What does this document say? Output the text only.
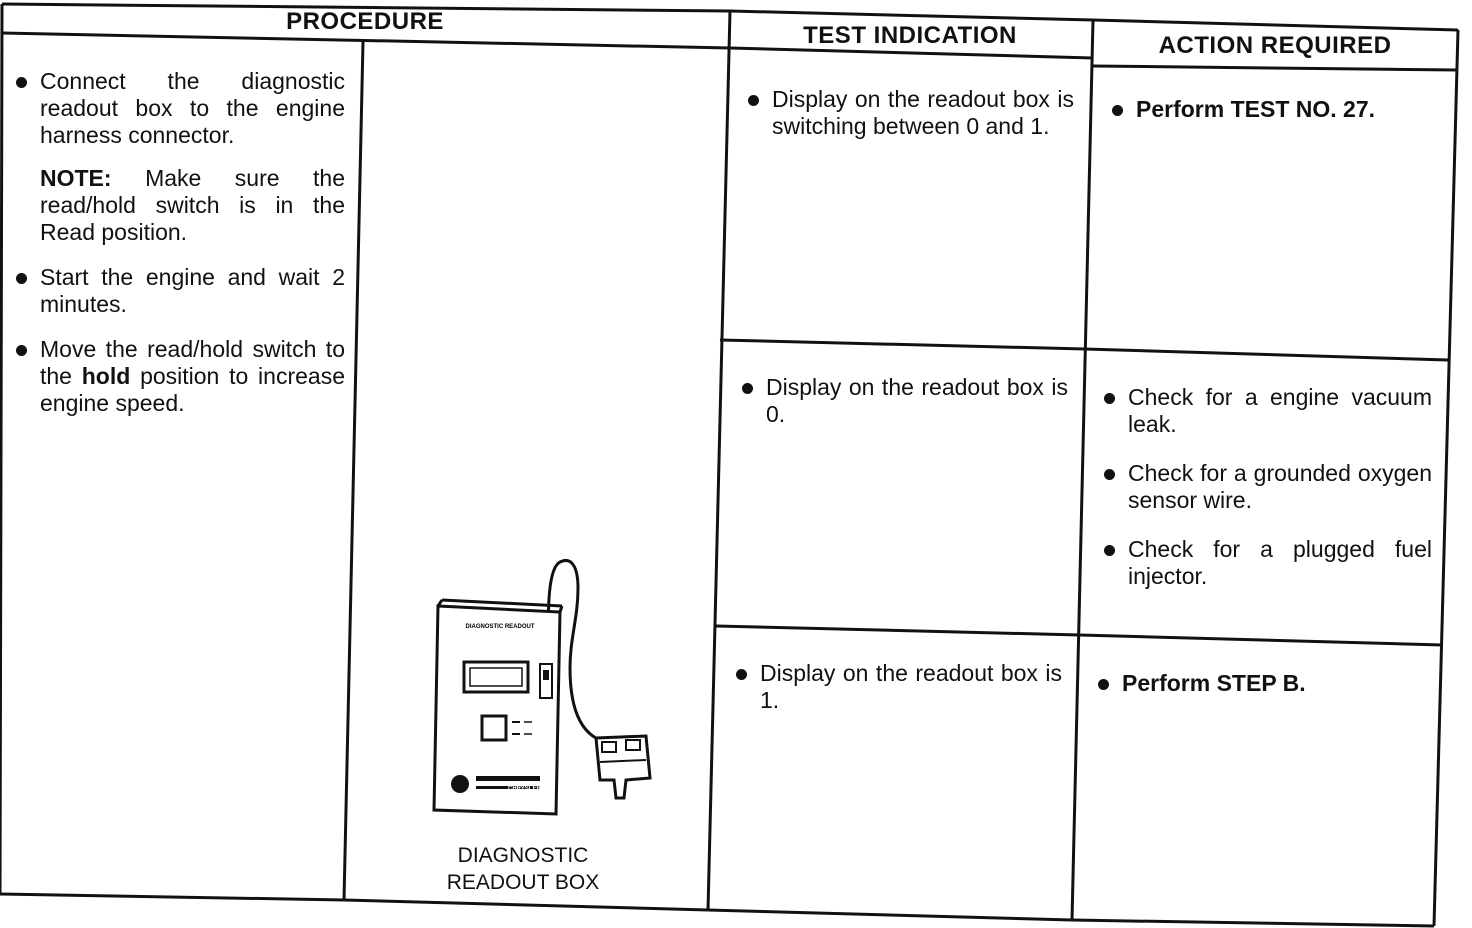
PROCEDURE
TEST INDICATION	ACTION REQUIRED
Connect the diagnostic readout box to the engine harness connector.
NOTE: Make sure the read/hold switch is in the Read position.
Start the engine and wait 2 minutes.
Move the read/hold switch to the hold position to increase engine speed.
DIAGNOSTIC READOUT
CHRYSLER
DIAGNOSTIC
READOUT BOX
Display on the readout box is switching between 0 and 1.
Display on the readout box is 0.
Display on the readout box is 1.
Perform TEST NO. 27.
Check for a engine vacuum leak.
Check for a grounded oxygen sensor wire.
Check for a plugged fuel injector.
Perform STEP B.
